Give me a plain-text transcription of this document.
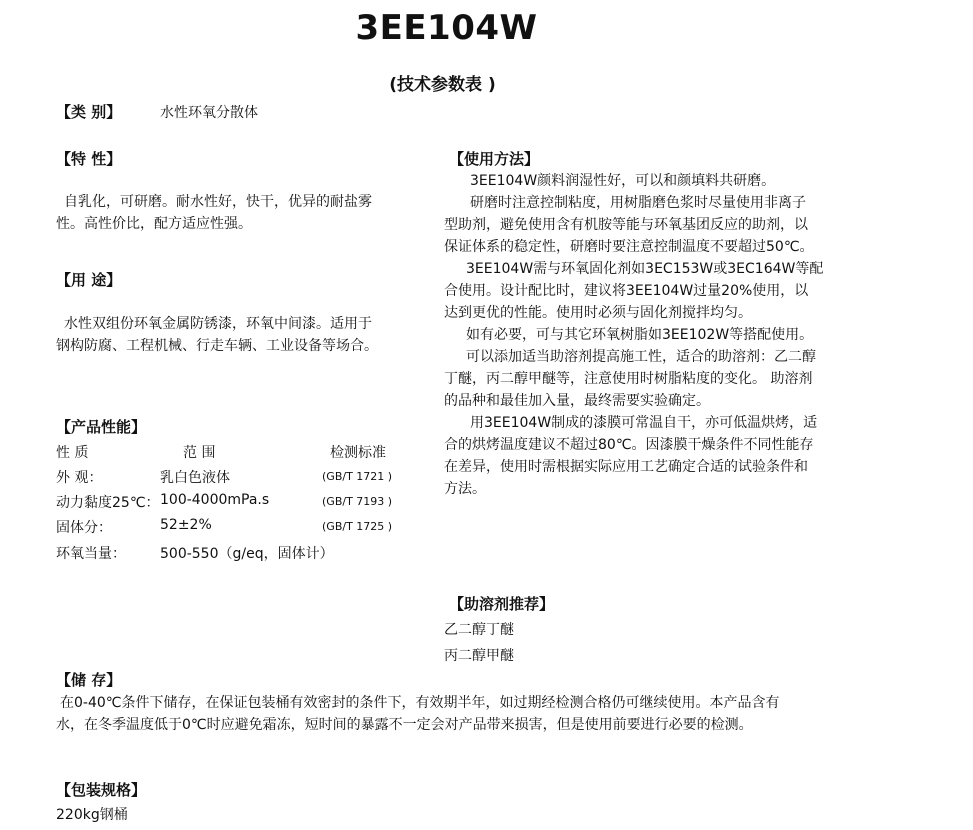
3EE104W
(技术参数表 )
【类 别】	水性环氧分散体
【特 性】
自乳化，可研磨。耐水性好，快干，优异的耐盐雾
性。高性价比，配方适应性强。
【用 途】
水性双组份环氧金属防锈漆，环氧中间漆。适用于
钢构防腐、工程机械、行走车辆、工业设备等场合。
【产品性能】
性 质	范 围	检测标准
外 观：	乳白色液体	(GB/T 1721 )
动力黏度25℃： 100-4000mPa.s	(GB/T 7193 )
固体分：	52±2%	(GB/T 1725 )
环氧当量： 500-550（g/eq，固体计）
【使用方法】
3EE104W颜料润湿性好，可以和颜填料共研磨。
研磨时注意控制粘度，用树脂磨色浆时尽量使用非离子
型助剂，避免使用含有机胺等能与环氧基团反应的助剂，以
保证体系的稳定性，研磨时要注意控制温度不要超过50℃。
3EE104W需与环氧固化剂如3EC153W或3EC164W等配
合使用。设计配比时，建议将3EE104W过量20%使用，以
达到更优的性能。使用时必须与固化剂搅拌均匀。
如有必要，可与其它环氧树脂如3EE102W等搭配使用。
可以添加适当助溶剂提高施工性，适合的助溶剂：乙二醇
丁醚，丙二醇甲醚等，注意使用时树脂粘度的变化。 助溶剂
的品种和最佳加入量，最终需要实验确定。
用3EE104W制成的漆膜可常温自干，亦可低温烘烤，适
合的烘烤温度建议不超过80℃。因漆膜干燥条件不同性能存
在差异，使用时需根据实际应用工艺确定合适的试验条件和
方法。
【助溶剂推荐】
乙二醇丁醚
丙二醇甲醚
【储 存】
在0-40℃条件下储存，在保证包装桶有效密封的条件下，有效期半年，如过期经检测合格仍可继续使用。本产品含有
水，在冬季温度低于0℃时应避免霜冻，短时间的暴露不一定会对产品带来损害，但是使用前要进行必要的检测。
【包装规格】
220kg钢桶
